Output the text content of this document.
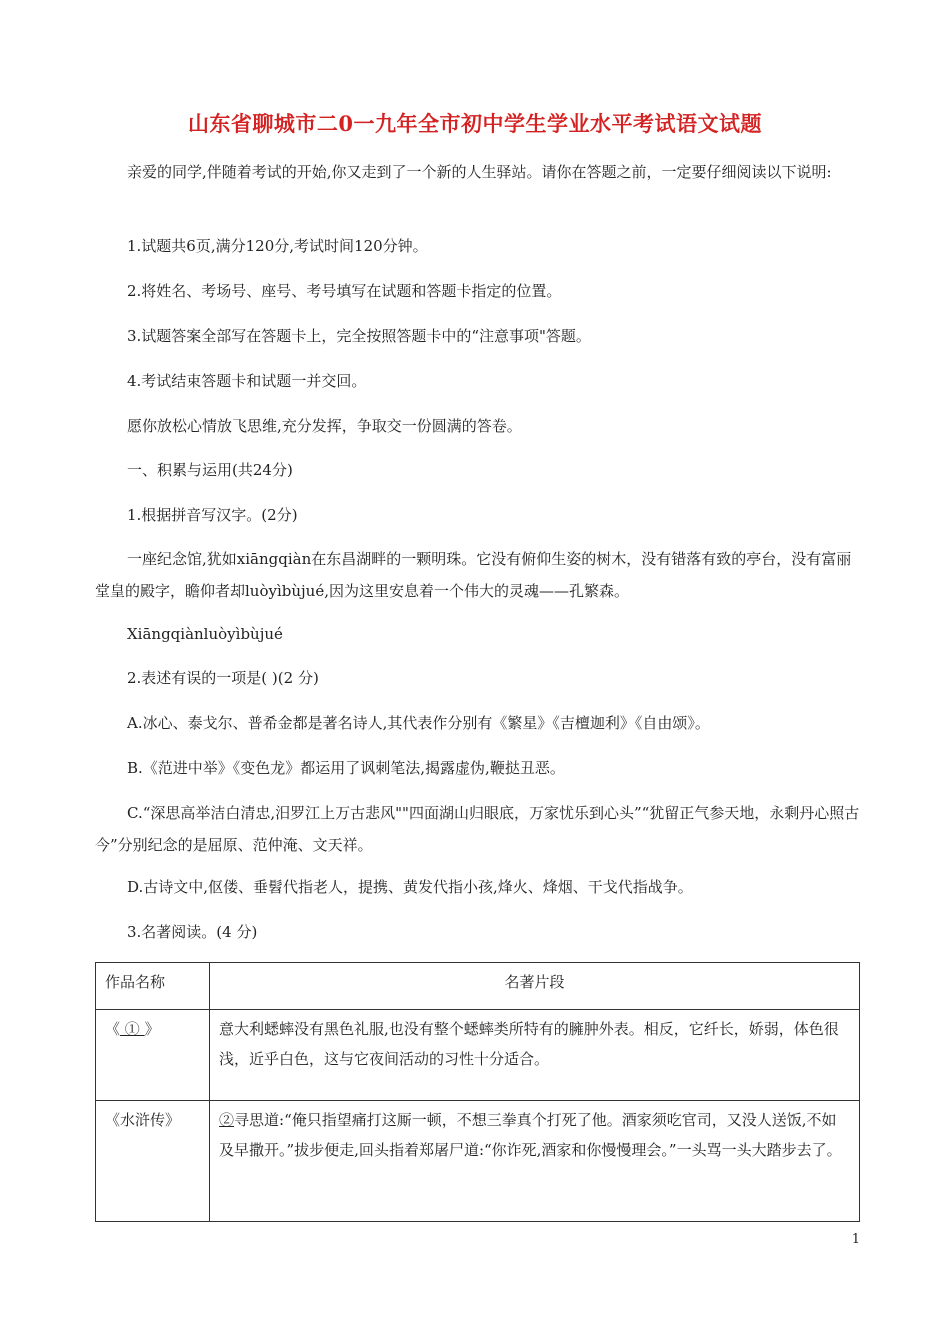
山东省聊城市二0一九年全市初中学生学业水平考试语文试题

亲爱的同学,伴随着考试的开始,你又走到了一个新的人生驿站。请你在答题之前，一定要仔细阅读以下说明:

1.试题共6页,满分120分,考试时间120分钟。

2.将姓名、考场号、座号、考号填写在试题和答题卡指定的位置。

3.试题答案全部写在答题卡上，完全按照答题卡中的“注意事项"答题。

4.考试结束答题卡和试题一并交回。

愿你放松心情放飞思维,充分发挥，争取交一份圆满的答卷。

一、积累与运用(共24分)

1.根据拼音写汉字。(2分)

一座纪念馆,犹如xiāngqiàn在东昌湖畔的一颗明珠。它没有俯仰生姿的树木，没有错落有致的亭台，没有富丽堂皇的殿字，瞻仰者却luòyìbùjué,因为这里安息着一个伟大的灵魂——孔繁森。

Xiāngqiànluòyìbùjué

2.表述有误的一项是( )(2 分)

A.冰心、泰戈尔、普希金都是著名诗人,其代表作分别有《繁星》《吉檀迦利》《自由颂》。

B.《范进中举》《变色龙》都运用了讽刺笔法,揭露虚伪,鞭挞丑恶。

C.“深思高举洁白清忠,汨罗江上万古悲风""四面湖山归眼底，万家忧乐到心头”“犹留正气参天地，永剩丹心照古今”分别纪念的是屈原、范仲淹、文天祥。

D.古诗文中,伛偻、垂髫代指老人，提携、黄发代指小孩,烽火、烽烟、干戈代指战争。

3.名著阅读。(4 分)

作品名称	名著片段
《 ① 》	意大利蟋蟀没有黑色礼服,也没有整个蟋蟀类所特有的臃肿外表。相反，它纤长，娇弱，体色很浅，近乎白色，这与它夜间活动的习性十分适合。
《水浒传》	②寻思道:“俺只指望痛打这厮一顿，不想三拳真个打死了他。酒家须吃官司，又没人送饭,不如及早撒开。”拔步便走,回头指着郑屠尸道:“你诈死,酒家和你慢慢理会。”一头骂一头大踏步去了。
1
